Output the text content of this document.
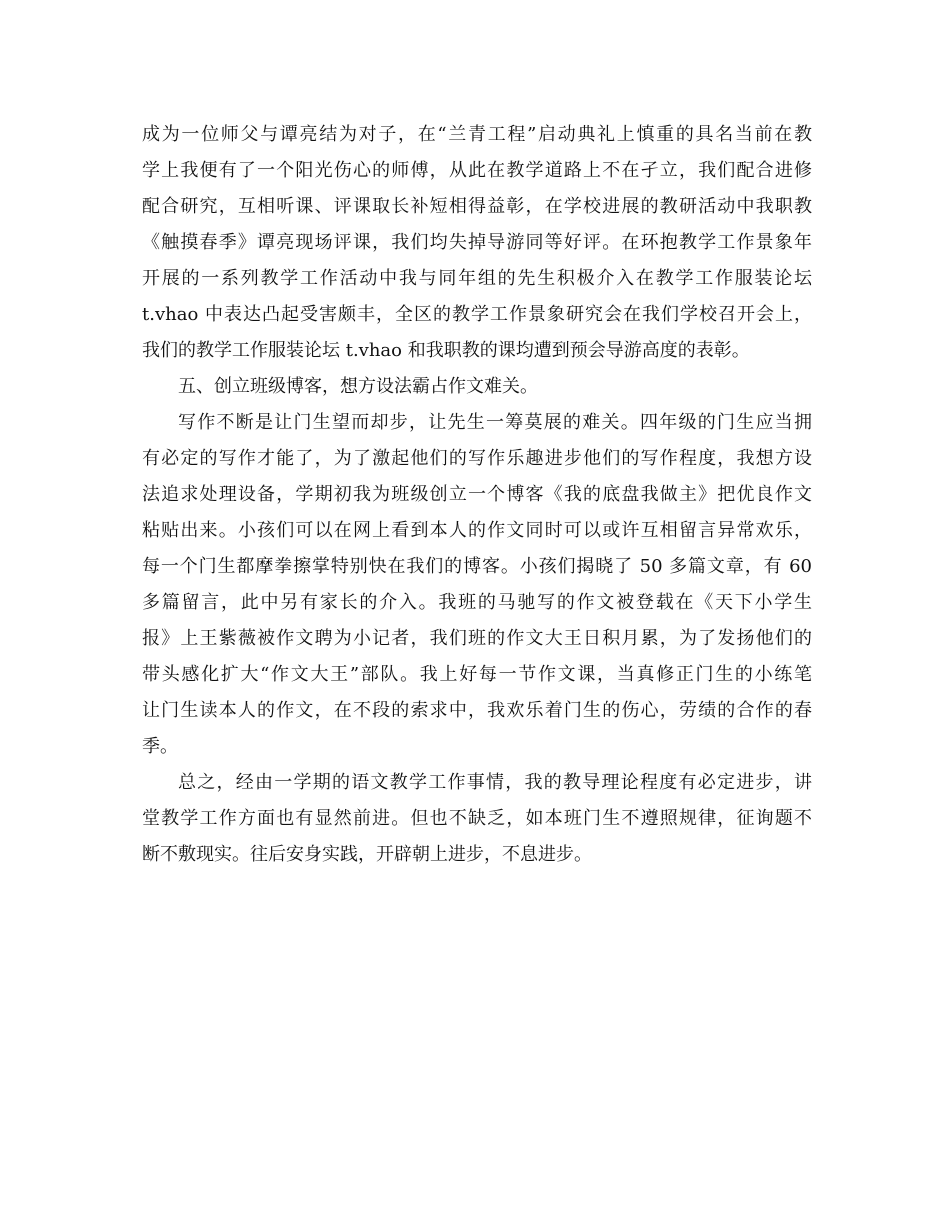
成为一位师父与谭亮结为对子，在“兰青工程”启动典礼上慎重的具名当前在教
学上我便有了一个阳光伤心的师傅，从此在教学道路上不在孑立，我们配合进修
配合研究，互相听课、评课取长补短相得益彰，在学校进展的教研活动中我职教
《触摸春季》谭亮现场评课，我们均失掉导游同等好评。在环抱教学工作景象年
开展的一系列教学工作活动中我与同年组的先生积极介入在教学工作服装论坛
t.vhao 中表达凸起受害颇丰，全区的教学工作景象研究会在我们学校召开会上，
我们的教学工作服装论坛 t.vhao 和我职教的课均遭到预会导游高度的表彰。
五、创立班级博客，想方设法霸占作文难关。
写作不断是让门生望而却步，让先生一筹莫展的难关。四年级的门生应当拥
有必定的写作才能了，为了激起他们的写作乐趣进步他们的写作程度，我想方设
法追求处理设备，学期初我为班级创立一个博客《我的底盘我做主》把优良作文
粘贴出来。小孩们可以在网上看到本人的作文同时可以或许互相留言异常欢乐，
每一个门生都摩拳擦掌特别快在我们的博客。小孩们揭晓了 50 多篇文章，有 60
多篇留言，此中另有家长的介入。我班的马驰写的作文被登载在《天下小学生
报》上王紫薇被作文聘为小记者，我们班的作文大王日积月累，为了发扬他们的
带头感化扩大“作文大王”部队。我上好每一节作文课，当真修正门生的小练笔
让门生读本人的作文，在不段的索求中，我欢乐着门生的伤心，劳绩的合作的春
季。
总之，经由一学期的语文教学工作事情，我的教导理论程度有必定进步，讲
堂教学工作方面也有显然前进。但也不缺乏，如本班门生不遵照规律，征询题不
断不敷现实。往后安身实践，开辟朝上进步，不息进步。
